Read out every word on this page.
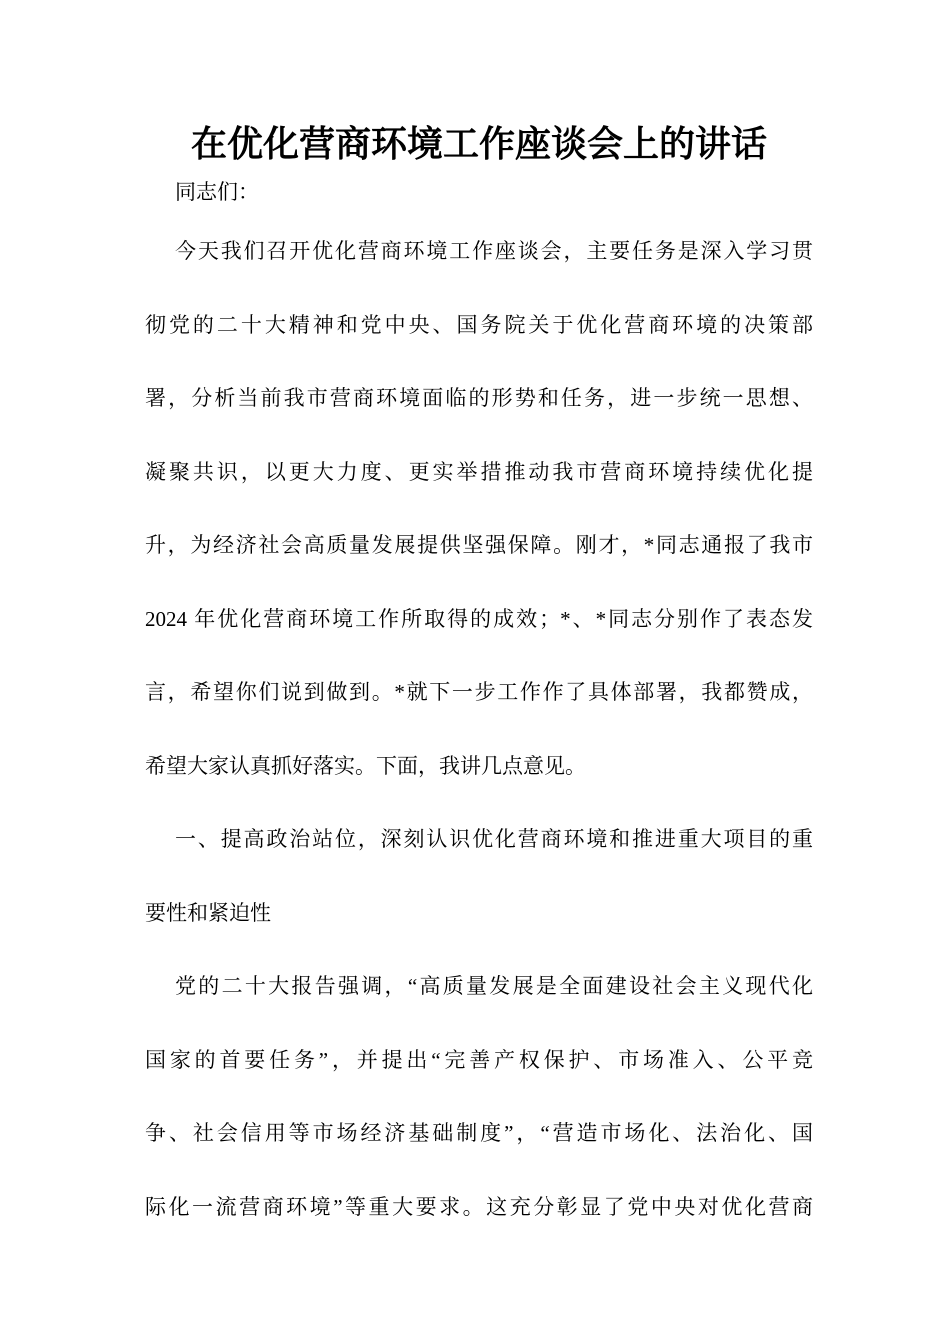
在优化营商环境工作座谈会上的讲话
同志们：
今天我们召开优化营商环境工作座谈会，主要任务是深入学习贯
彻党的二十大精神和党中央、国务院关于优化营商环境的决策部
署，分析当前我市营商环境面临的形势和任务，进一步统一思想、
凝聚共识，以更大力度、更实举措推动我市营商环境持续优化提
升，为经济社会高质量发展提供坚强保障。刚才，*同志通报了我市
2024 年优化营商环境工作所取得的成效；*、*同志分别作了表态发
言，希望你们说到做到。*就下一步工作作了具体部署，我都赞成，
希望大家认真抓好落实。下面，我讲几点意见。
一、提高政治站位，深刻认识优化营商环境和推进重大项目的重
要性和紧迫性
党的二十大报告强调，“高质量发展是全面建设社会主义现代化
国家的首要任务”，并提出“完善产权保护、市场准入、公平竞
争、社会信用等市场经济基础制度”，“营造市场化、法治化、国
际化一流营商环境”等重大要求。这充分彰显了党中央对优化营商
